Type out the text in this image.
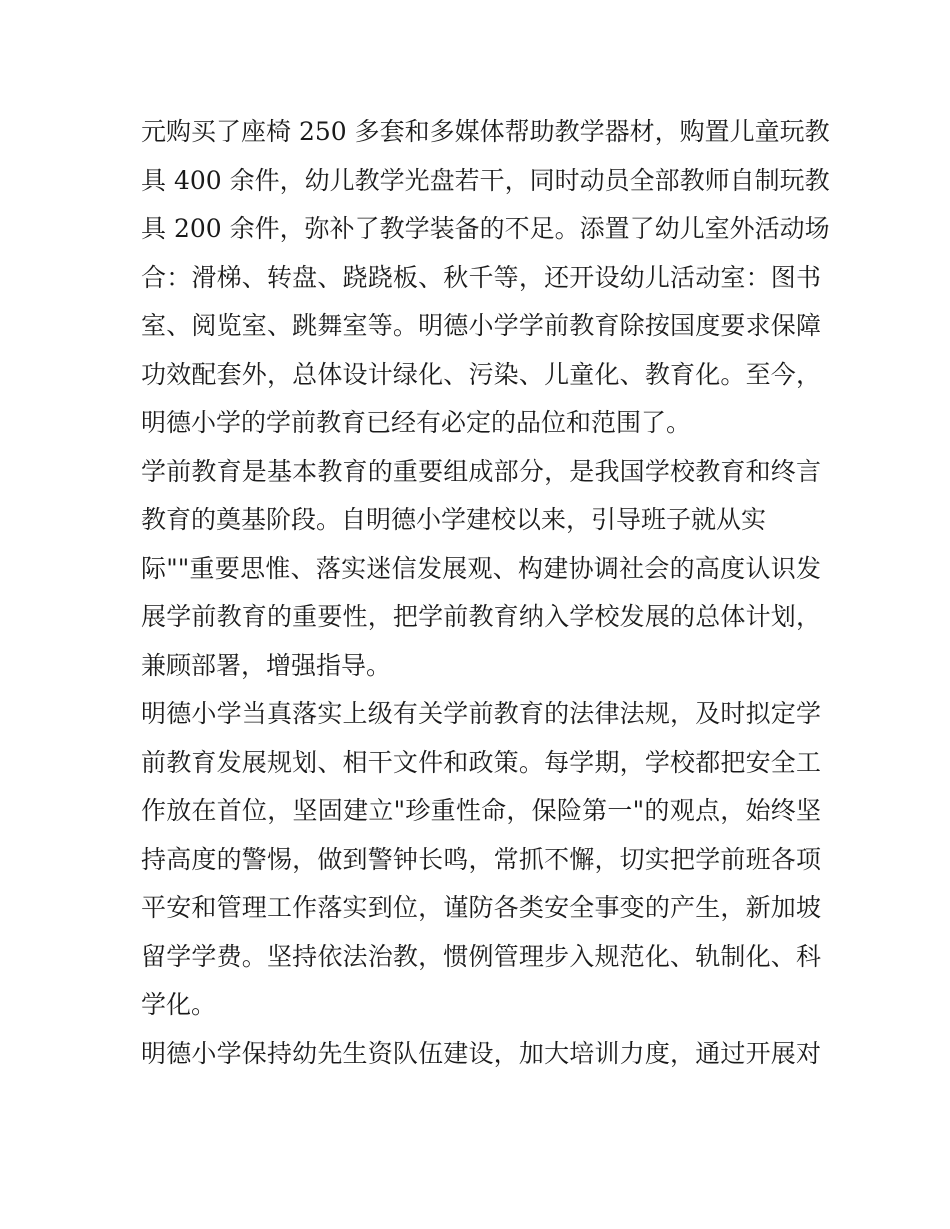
元购买了座椅 250 多套和多媒体帮助教学器材，购置儿童玩教
具 400 余件，幼儿教学光盘若干，同时动员全部教师自制玩教
具 200 余件，弥补了教学装备的不足。添置了幼儿室外活动场
合：滑梯、转盘、跷跷板、秋千等，还开设幼儿活动室：图书
室、阅览室、跳舞室等。明德小学学前教育除按国度要求保障
功效配套外，总体设计绿化、污染、儿童化、教育化。至今，
明德小学的学前教育已经有必定的品位和范围了。
学前教育是基本教育的重要组成部分，是我国学校教育和终言
教育的奠基阶段。自明德小学建校以来，引导班子就从实
际""重要思惟、落实迷信发展观、构建协调社会的高度认识发
展学前教育的重要性，把学前教育纳入学校发展的总体计划，
兼顾部署，增强指导。
明德小学当真落实上级有关学前教育的法律法规，及时拟定学
前教育发展规划、相干文件和政策。每学期，学校都把安全工
作放在首位，坚固建立"珍重性命，保险第一"的观点，始终坚
持高度的警惕，做到警钟长鸣，常抓不懈，切实把学前班各项
平安和管理工作落实到位，谨防各类安全事变的产生，新加坡
留学学费。坚持依法治教，惯例管理步入规范化、轨制化、科
学化。
明德小学保持幼先生资队伍建设，加大培训力度，通过开展对
